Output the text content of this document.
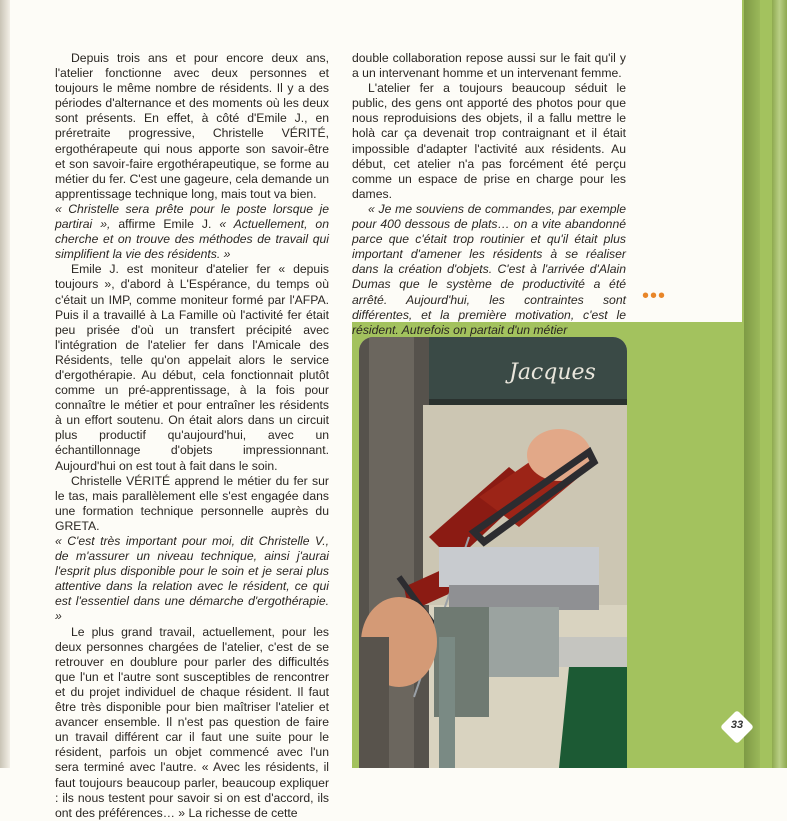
Depuis trois ans et pour encore deux ans, l'atelier fonctionne avec deux personnes et toujours le même nombre de résidents. Il y a des périodes d'alternance et des moments où les deux sont présents. En effet, à côté d'Emile J., en préretraite progressive, Christelle VÉRITÉ, ergothérapeute qui nous apporte son savoir-être et son savoir-faire ergothérapeutique, se forme au métier du fer. C'est une gageure, cela demande un apprentissage technique long, mais tout va bien.

« Christelle sera prête pour le poste lorsque je partirai », affirme Emile J. « Actuellement, on cherche et on trouve des méthodes de travail qui simplifient la vie des résidents. »

Emile J. est moniteur d'atelier fer « depuis toujours », d'abord à L'Espérance, du temps où c'était un IMP, comme moniteur formé par l'AFPA. Puis il a travaillé à La Famille où l'activité fer était peu prisée d'où un transfert précipité avec l'intégration de l'atelier fer dans l'Amicale des Résidents, telle qu'on appelait alors le service d'ergothérapie. Au début, cela fonctionnait plutôt comme un pré-apprentissage, à la fois pour connaître le métier et pour entraîner les résidents à un effort soutenu. On était alors dans un circuit plus productif qu'aujourd'hui, avec un échantillonnage d'objets impressionnant. Aujourd'hui on est tout à fait dans le soin.

Christelle VÉRITÉ apprend le métier du fer sur le tas, mais parallèlement elle s'est engagée dans une formation technique personnelle auprès du GRETA.

« C'est très important pour moi, dit Christelle V., de m'assurer un niveau technique, ainsi j'aurai l'esprit plus disponible pour le soin et je serai plus attentive dans la relation avec le résident, ce qui est l'essentiel dans une démarche d'ergothérapie. »

Le plus grand travail, actuellement, pour les deux personnes chargées de l'atelier, c'est de se retrouver en doublure pour parler des difficultés que l'un et l'autre sont susceptibles de rencontrer et du projet individuel de chaque résident. Il faut être très disponible pour bien maîtriser l'atelier et avancer ensemble. Il n'est pas question de faire un travail différent car il faut une suite pour le résident, parfois un objet commencé avec l'un sera terminé avec l'autre. « Avec les résidents, il faut toujours beaucoup parler, beaucoup expliquer : ils nous testent pour savoir si on est d'accord, ils ont des préférences… » La richesse de cette

double collaboration repose aussi sur le fait qu'il y a un intervenant homme et un intervenant femme.

L'atelier fer a toujours beaucoup séduit le public, des gens ont apporté des photos pour que nous reproduisions des objets, il a fallu mettre le holà car ça devenait trop contraignant et il était impossible d'adapter l'activité aux résidents. Au début, cet atelier n'a pas forcément été perçu comme un espace de prise en charge pour les dames.

« Je me souviens de commandes, par exemple pour 400 dessous de plats… on a vite abandonné parce que c'était trop routinier et qu'il était plus important d'amener les résidents à se réaliser dans la création d'objets. C'est à l'arrivée d'Alain Dumas que le système de productivité a été arrêté. Aujourd'hui, les contraintes sont différentes, et la première motivation, c'est le résident. Autrefois on partait d'un métier

•••
Jacques
33
